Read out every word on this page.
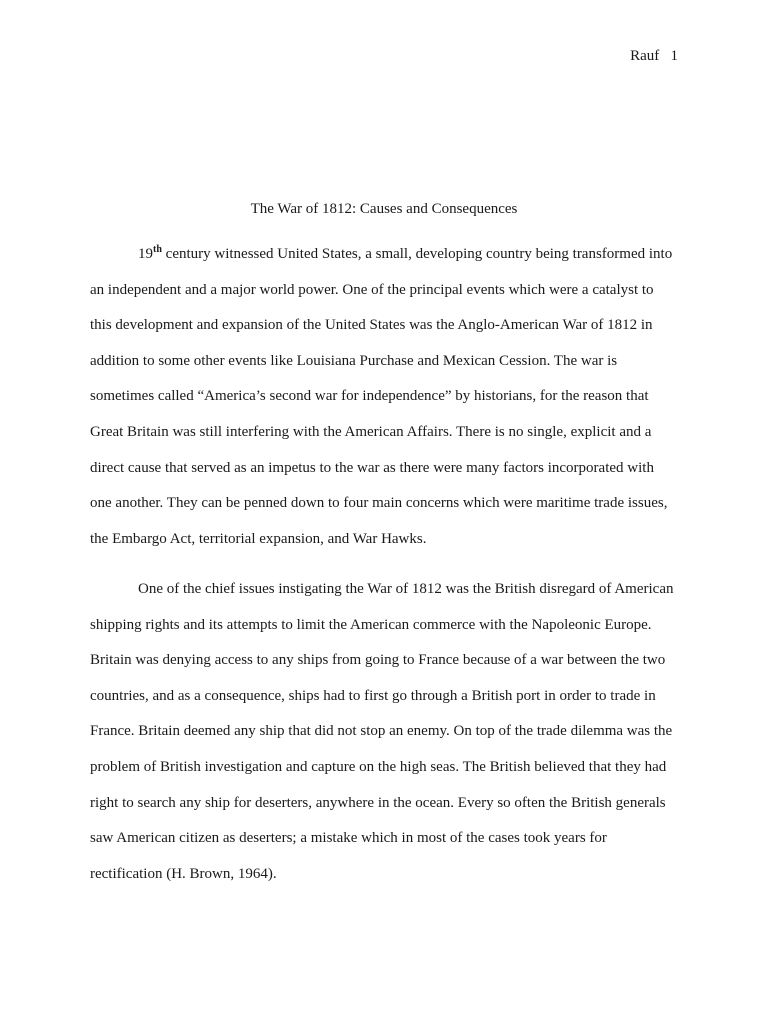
Rauf 1
The War of 1812: Causes and Consequences
19th century witnessed United States, a small, developing country being transformed into
an independent and a major world power. One of the principal events which were a catalyst to
this development and expansion of the United States was the Anglo-American War of 1812 in
addition to some other events like Louisiana Purchase and Mexican Cession. The war is
sometimes called “America’s second war for independence” by historians, for the reason that
Great Britain was still interfering with the American Affairs. There is no single, explicit and a
direct cause that served as an impetus to the war as there were many factors incorporated with
one another. They can be penned down to four main concerns which were maritime trade issues,
the Embargo Act, territorial expansion, and War Hawks.
One of the chief issues instigating the War of 1812 was the British disregard of American
shipping rights and its attempts to limit the American commerce with the Napoleonic Europe.
Britain was denying access to any ships from going to France because of a war between the two
countries, and as a consequence, ships had to first go through a British port in order to trade in
France. Britain deemed any ship that did not stop an enemy. On top of the trade dilemma was the
problem of British investigation and capture on the high seas. The British believed that they had
right to search any ship for deserters, anywhere in the ocean. Every so often the British generals
saw American citizen as deserters; a mistake which in most of the cases took years for
rectification (H. Brown, 1964).
